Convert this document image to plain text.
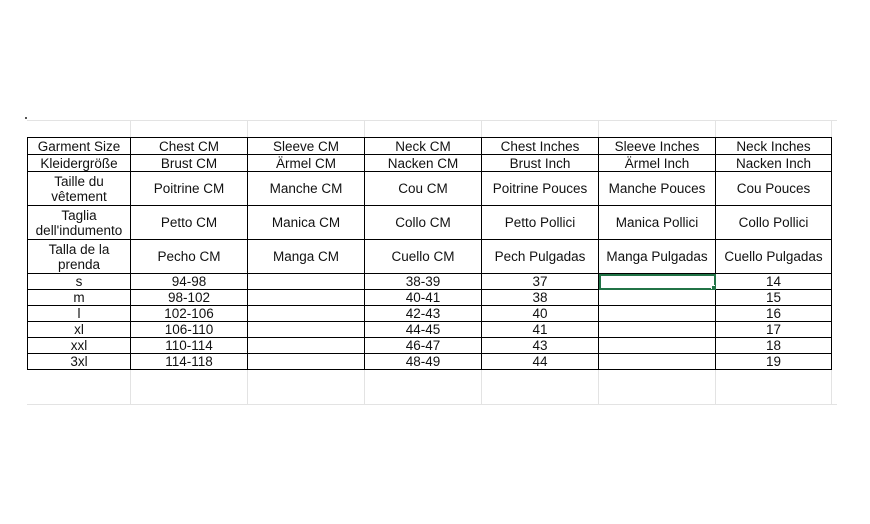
Garment Size	Chest CM	Sleeve CM	Neck CM	Chest Inches	Sleeve Inches	Neck Inches
Kleidergröße	Brust CM	Ärmel CM	Nacken CM	Brust Inch	Ärmel Inch	Nacken Inch
Taille du vêtement	Poitrine CM	Manche CM	Cou CM	Poitrine Pouces	Manche Pouces	Cou Pouces
Taglia dell'indumento	Petto CM	Manica CM	Collo CM	Petto Pollici	Manica Pollici	Collo Pollici
Talla de la prenda	Pecho CM	Manga CM	Cuello CM	Pech Pulgadas	Manga Pulgadas	Cuello Pulgadas
s	94-98		38-39	37		14
m	98-102		40-41	38		15
l	102-106		42-43	40		16
xl	106-110		44-45	41		17
xxl	110-114		46-47	43		18
3xl	114-118		48-49	44		19
